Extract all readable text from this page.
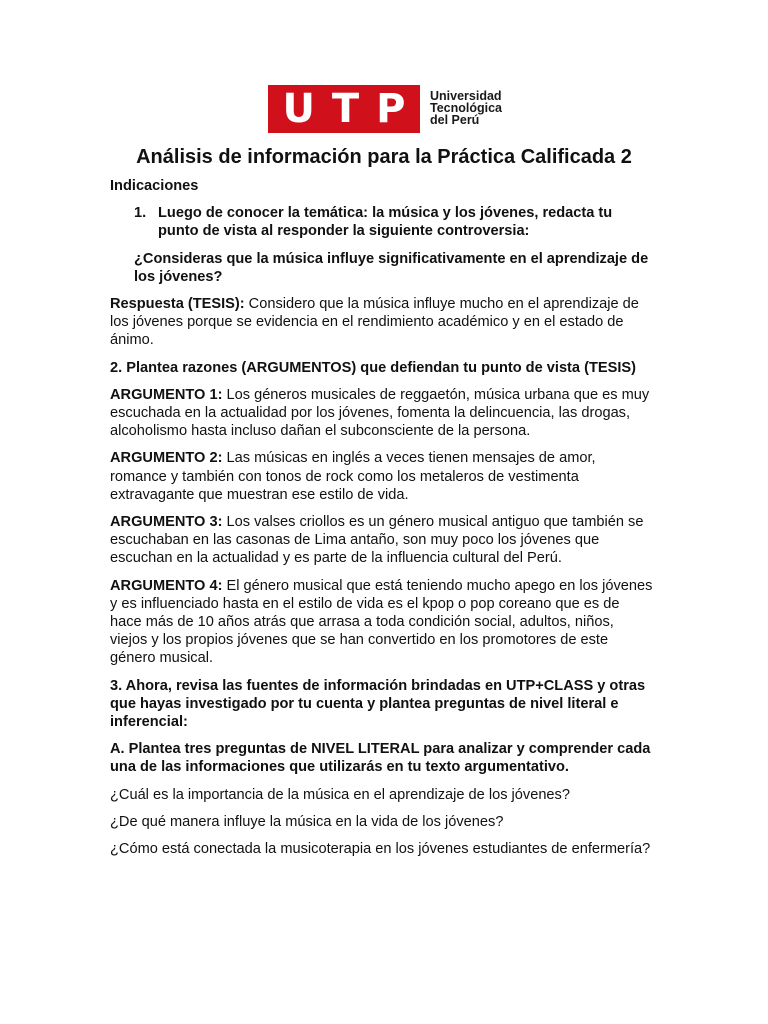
U T P Universidad
Tecnológica
del Perú
Análisis de información para la Práctica Calificada 2

Indicaciones

1. Luego de conocer la temática: la música y los jóvenes, redacta tu punto de vista al responder la siguiente controversia:

¿Consideras que la música influye significativamente en el aprendizaje de los jóvenes?

Respuesta (TESIS): Considero que la música influye mucho en el aprendizaje de los jóvenes porque se evidencia en el rendimiento académico y en el estado de ánimo.

2. Plantea razones (ARGUMENTOS) que defiendan tu punto de vista (TESIS)

ARGUMENTO 1: Los géneros musicales de reggaetón, música urbana que es muy escuchada en la actualidad por los jóvenes, fomenta la delincuencia, las drogas, alcoholismo hasta incluso dañan el subconsciente de la persona.

ARGUMENTO 2: Las músicas en inglés a veces tienen mensajes de amor, romance y también con tonos de rock como los metaleros de vestimenta extravagante que muestran ese estilo de vida.

ARGUMENTO 3: Los valses criollos es un género musical antiguo que también se escuchaban en las casonas de Lima antaño, son muy poco los jóvenes que escuchan en la actualidad y es parte de la influencia cultural del Perú.

ARGUMENTO 4: El género musical que está teniendo mucho apego en los jóvenes y es influenciado hasta en el estilo de vida es el kpop o pop coreano que es de hace más de 10 años atrás que arrasa a toda condición social, adultos, niños, viejos y los propios jóvenes que se han convertido en los promotores de este género musical.

3. Ahora, revisa las fuentes de información brindadas en UTP+CLASS y otras que hayas investigado por tu cuenta y plantea preguntas de nivel literal e inferencial:

A. Plantea tres preguntas de NIVEL LITERAL para analizar y comprender cada una de las informaciones que utilizarás en tu texto argumentativo.

¿Cuál es la importancia de la música en el aprendizaje de los jóvenes?

¿De qué manera influye la música en la vida de los jóvenes?

¿Cómo está conectada la musicoterapia en los jóvenes estudiantes de enfermería?
